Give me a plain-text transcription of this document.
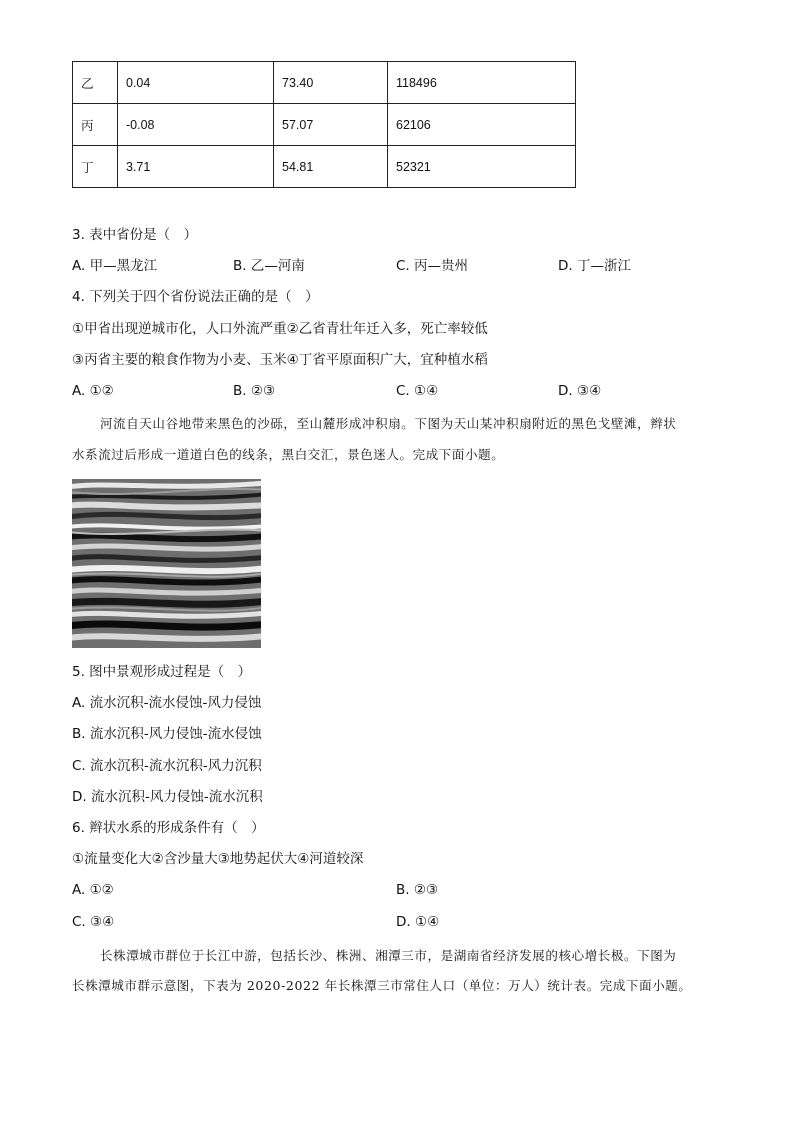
乙	0.04	73.40	118496
丙	-0.08	57.07	62106
丁	3.71	54.81	52321
3. 表中省份是（　）
A. 甲—黑龙江	B. 乙—河南	C. 丙—贵州	D. 丁—浙江
4. 下列关于四个省份说法正确的是（　）
①甲省出现逆城市化，人口外流严重②乙省青壮年迁入多，死亡率较低
③丙省主要的粮食作物为小麦、玉米④丁省平原面积广大，宜种植水稻
A. ①②	B. ②③	C. ①④	D. ③④
河流自天山谷地带来黑色的沙砾，至山麓形成冲积扇。下图为天山某冲积扇附近的黑色戈壁滩，辫状
水系流过后形成一道道白色的线条，黑白交汇，景色迷人。完成下面小题。
5. 图中景观形成过程是（　）
A. 流水沉积-流水侵蚀-风力侵蚀
B. 流水沉积-风力侵蚀-流水侵蚀
C. 流水沉积-流水沉积-风力沉积
D. 流水沉积-风力侵蚀-流水沉积
6. 辫状水系的形成条件有（　）
①流量变化大②含沙量大③地势起伏大④河道较深
A. ①②	B. ②③
C. ③④	D. ①④
长株潭城市群位于长江中游，包括长沙、株洲、湘潭三市，是湖南省经济发展的核心增长极。下图为
长株潭城市群示意图，下表为 2020-2022 年长株潭三市常住人口（单位：万人）统计表。完成下面小题。
